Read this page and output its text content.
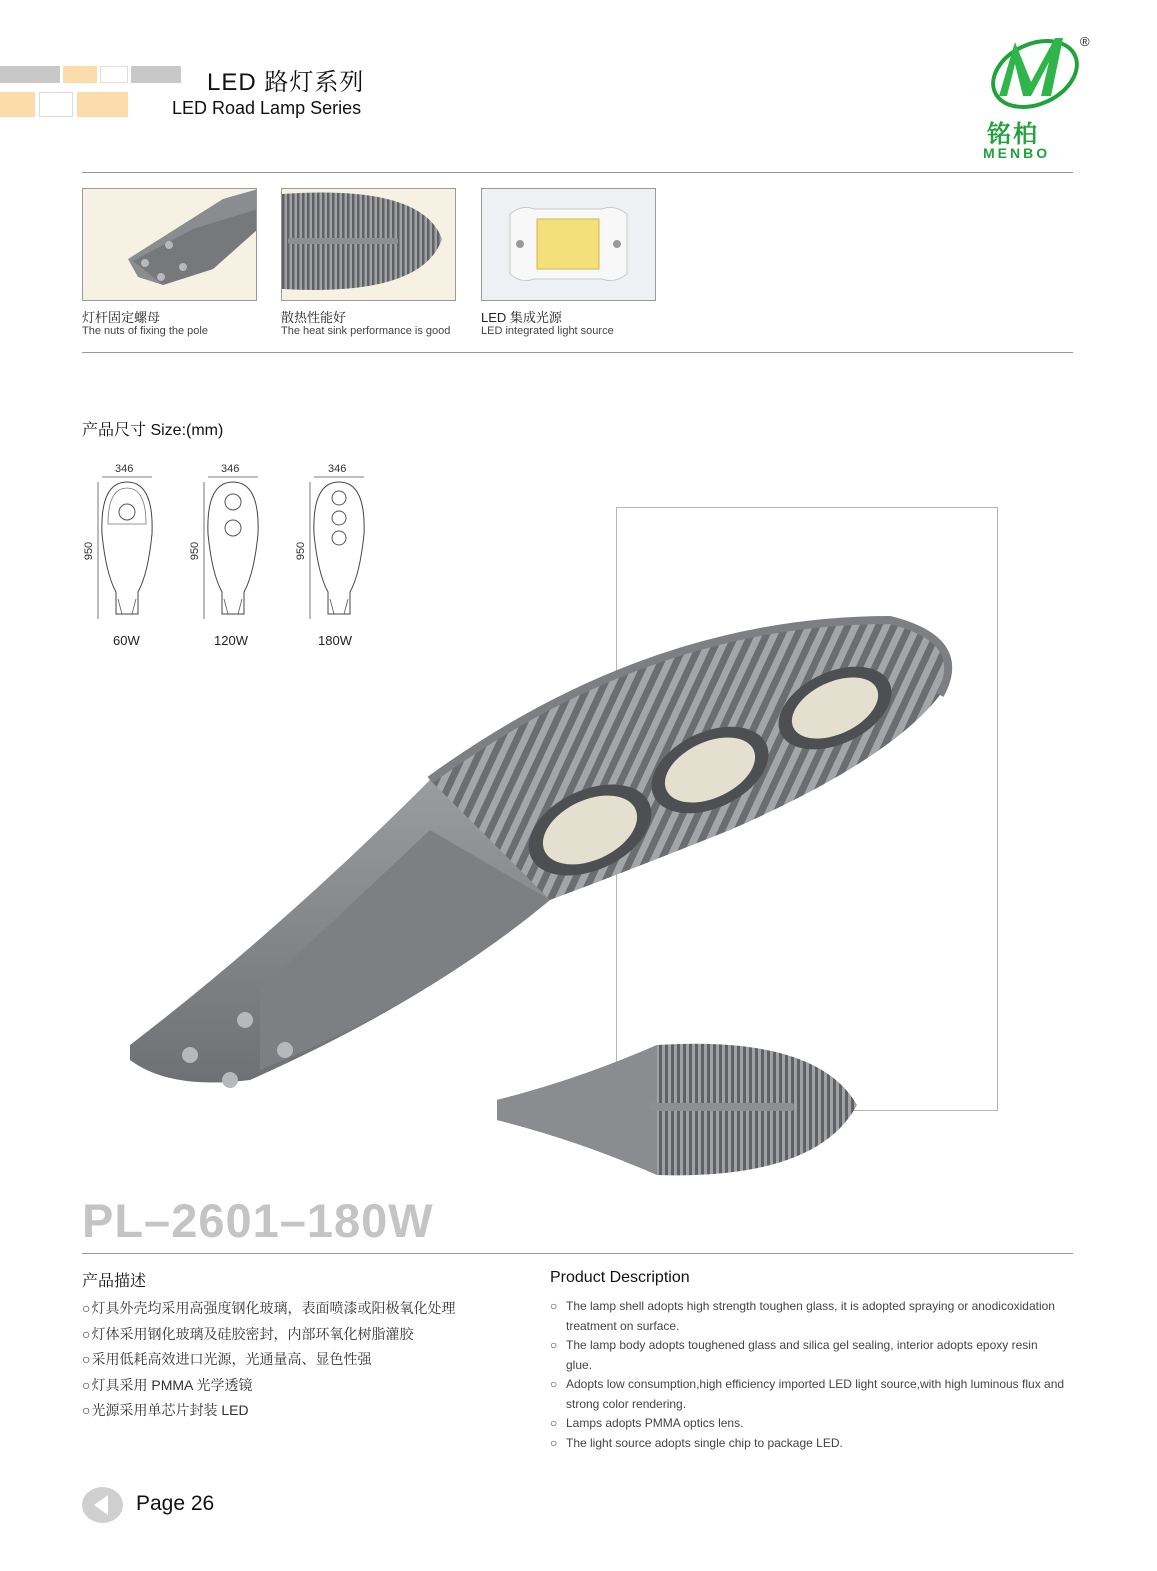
LED 路灯系列
LED Road Lamp Series
®
铭柏
MENBO
灯杆固定螺母
The nuts of fixing the pole
散热性能好
The heat sink performance is good
LED 集成光源
LED integrated light source
产品尺寸 Size:(mm)
346
950
60W
346
950
120W
346
950
180W
PL–2601–180W
产品描述
○灯具外壳均采用高强度钢化玻璃，表面喷漆或阳极氧化处理
○灯体采用钢化玻璃及硅胶密封，内部环氧化树脂灌胶
○采用低耗高效进口光源，光通量高、显色性强
○灯具采用 PMMA 光学透镜
○光源采用单芯片封装 LED
Product Description
○ The lamp shell adopts high strength toughen glass, it is adopted spraying or anodicoxidation treatment on surface.
○ The lamp body adopts toughened glass and silica gel sealing, interior adopts epoxy resin glue.
○ Adopts low consumption,high efficiency imported LED light source,with high luminous flux and strong color rendering.
○ Lamps adopts PMMA optics lens.
○ The light source adopts single chip to package LED.
Page 26
